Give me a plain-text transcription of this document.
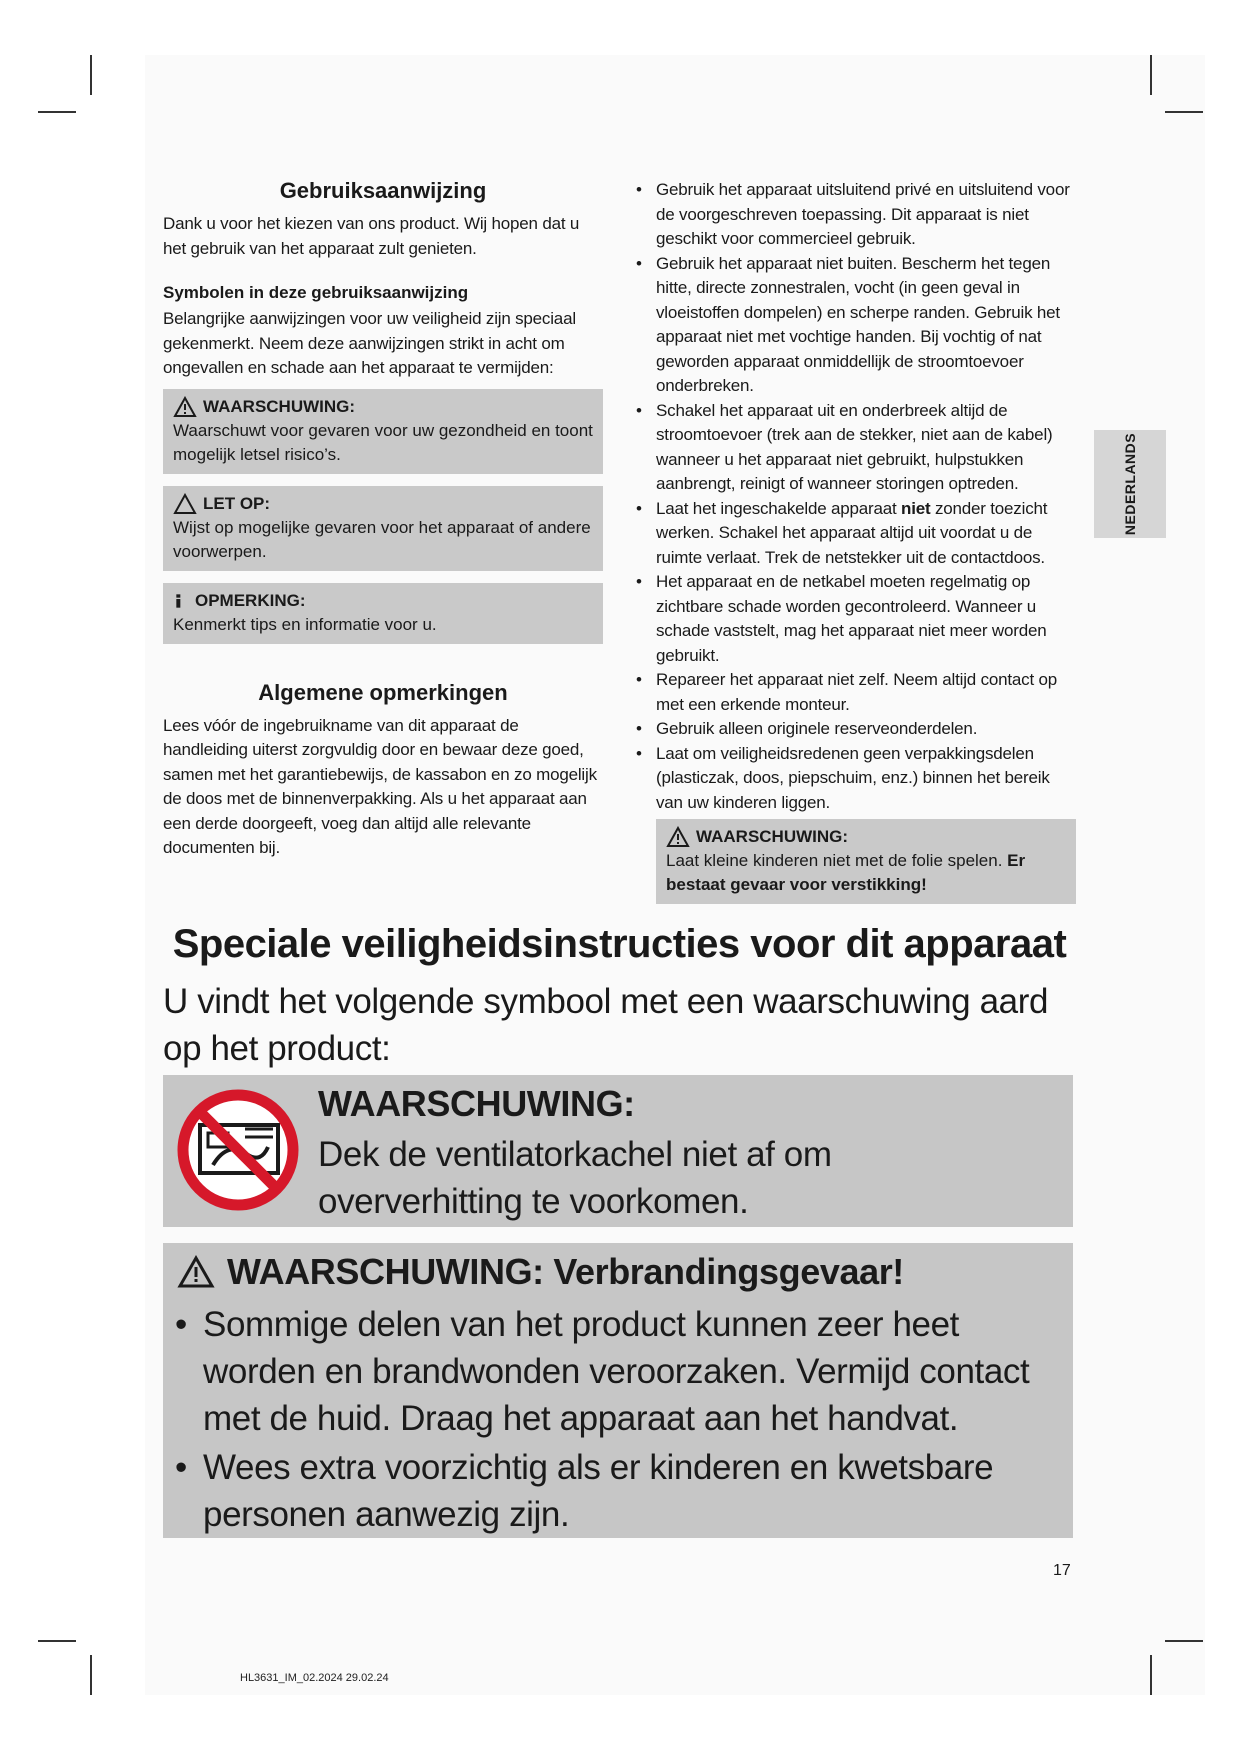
Gebruiksaanwijzing

Dank u voor het kiezen van ons product. Wij hopen dat u het gebruik van het apparaat zult genieten.

Symbolen in deze gebruiksaanwijzing

Belangrijke aanwijzingen voor uw veiligheid zijn speciaal gekenmerkt. Neem deze aanwijzingen strikt in acht om ongevallen en schade aan het apparaat te vermijden:

WAARSCHUWING:
Waarschuwt voor gevaren voor uw gezondheid en toont mogelijk letsel risico’s.
LET OP:
Wijst op mogelijke gevaren voor het apparaat of andere voorwerpen.
OPMERKING:
Kenmerkt tips en informatie voor u.
Algemene opmerkingen

Lees vóór de ingebruikname van dit apparaat de handleiding uiterst zorgvuldig door en bewaar deze goed, samen met het garantiebewijs, de kassabon en zo mogelijk de doos met de binnenverpakking. Als u het apparaat aan een derde doorgeeft, voeg dan altijd alle relevante documenten bij.

• Gebruik het apparaat uitsluitend privé en uitsluitend voor de voorgeschreven toepassing. Dit apparaat is niet geschikt voor commercieel gebruik.
• Gebruik het apparaat niet buiten. Bescherm het tegen hitte, directe zonnestralen, vocht (in geen geval in vloeistoffen dompelen) en scherpe randen. Gebruik het apparaat niet met vochtige handen. Bij vochtig of nat geworden apparaat onmiddellijk de stroomtoevoer onderbreken.
• Schakel het apparaat uit en onderbreek altijd de stroomtoevoer (trek aan de stekker, niet aan de kabel) wanneer u het apparaat niet gebruikt, hulpstukken aanbrengt, reinigt of wanneer storingen optreden.
• Laat het ingeschakelde apparaat niet zonder toezicht werken. Schakel het apparaat altijd uit voordat u de ruimte verlaat. Trek de netstekker uit de contactdoos.
• Het apparaat en de netkabel moeten regelmatig op zichtbare schade worden gecontroleerd. Wanneer u schade vaststelt, mag het apparaat niet meer worden gebruikt.
• Repareer het apparaat niet zelf. Neem altijd contact op met een erkende monteur.
• Gebruik alleen originele reserveonderdelen.
• Laat om veiligheidsredenen geen verpakkingsdelen (plasticzak, doos, piepschuim, enz.) binnen het bereik van uw kinderen liggen.
WAARSCHUWING:
Laat kleine kinderen niet met de folie spelen. Er bestaat gevaar voor verstikking!
NEDERLANDS
Speciale veiligheidsinstructies voor dit apparaat
U vindt het volgende symbool met een waarschuwing aard op het product:
WAARSCHUWING:
Dek de ventilatorkachel niet af om oververhitting te voorkomen.
WAARSCHUWING: Verbrandingsgevaar!
• Sommige delen van het product kunnen zeer heet worden en brandwonden veroorzaken. Vermijd contact met de huid. Draag het apparaat aan het handvat.
• Wees extra voorzichtig als er kinderen en kwetsbare personen aanwezig zijn.
17
HL3631_IM_02.2024 29.02.24
